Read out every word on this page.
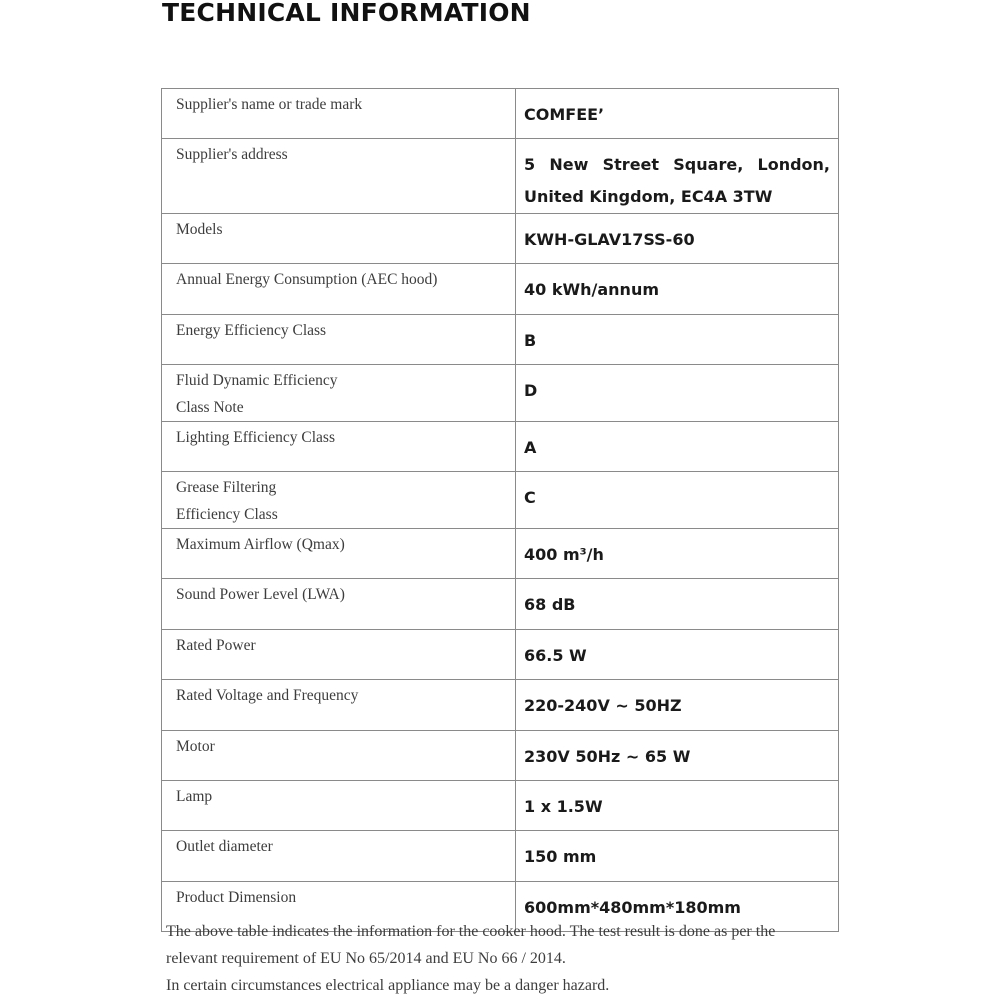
TECHNICAL INFORMATION
Supplier's name or trade mark	COMFEE’
Supplier's address	5 New Street Square, London, United Kingdom, EC4A 3TW
Models	KWH-GLAV17SS-60
Annual Energy Consumption (AEC hood)	40 kWh/annum
Energy Efficiency Class	B
Fluid Dynamic Efficiency Class Note	D
Lighting Efficiency Class	A
Grease Filtering Efficiency Class	C
Maximum Airflow (Qmax)	400 m³/h
Sound Power Level (LWA)	68 dB
Rated Power	66.5 W
Rated Voltage and Frequency	220-240V ~ 50HZ
Motor	230V 50Hz ~ 65 W
Lamp	1 x 1.5W
Outlet diameter	150 mm
Product Dimension	600mm*480mm*180mm

The above table indicates the information for the cooker hood. The test result is done as per the relevant requirement of EU No 65/2014 and EU No 66 / 2014.

In certain circumstances electrical appliance may be a danger hazard.
